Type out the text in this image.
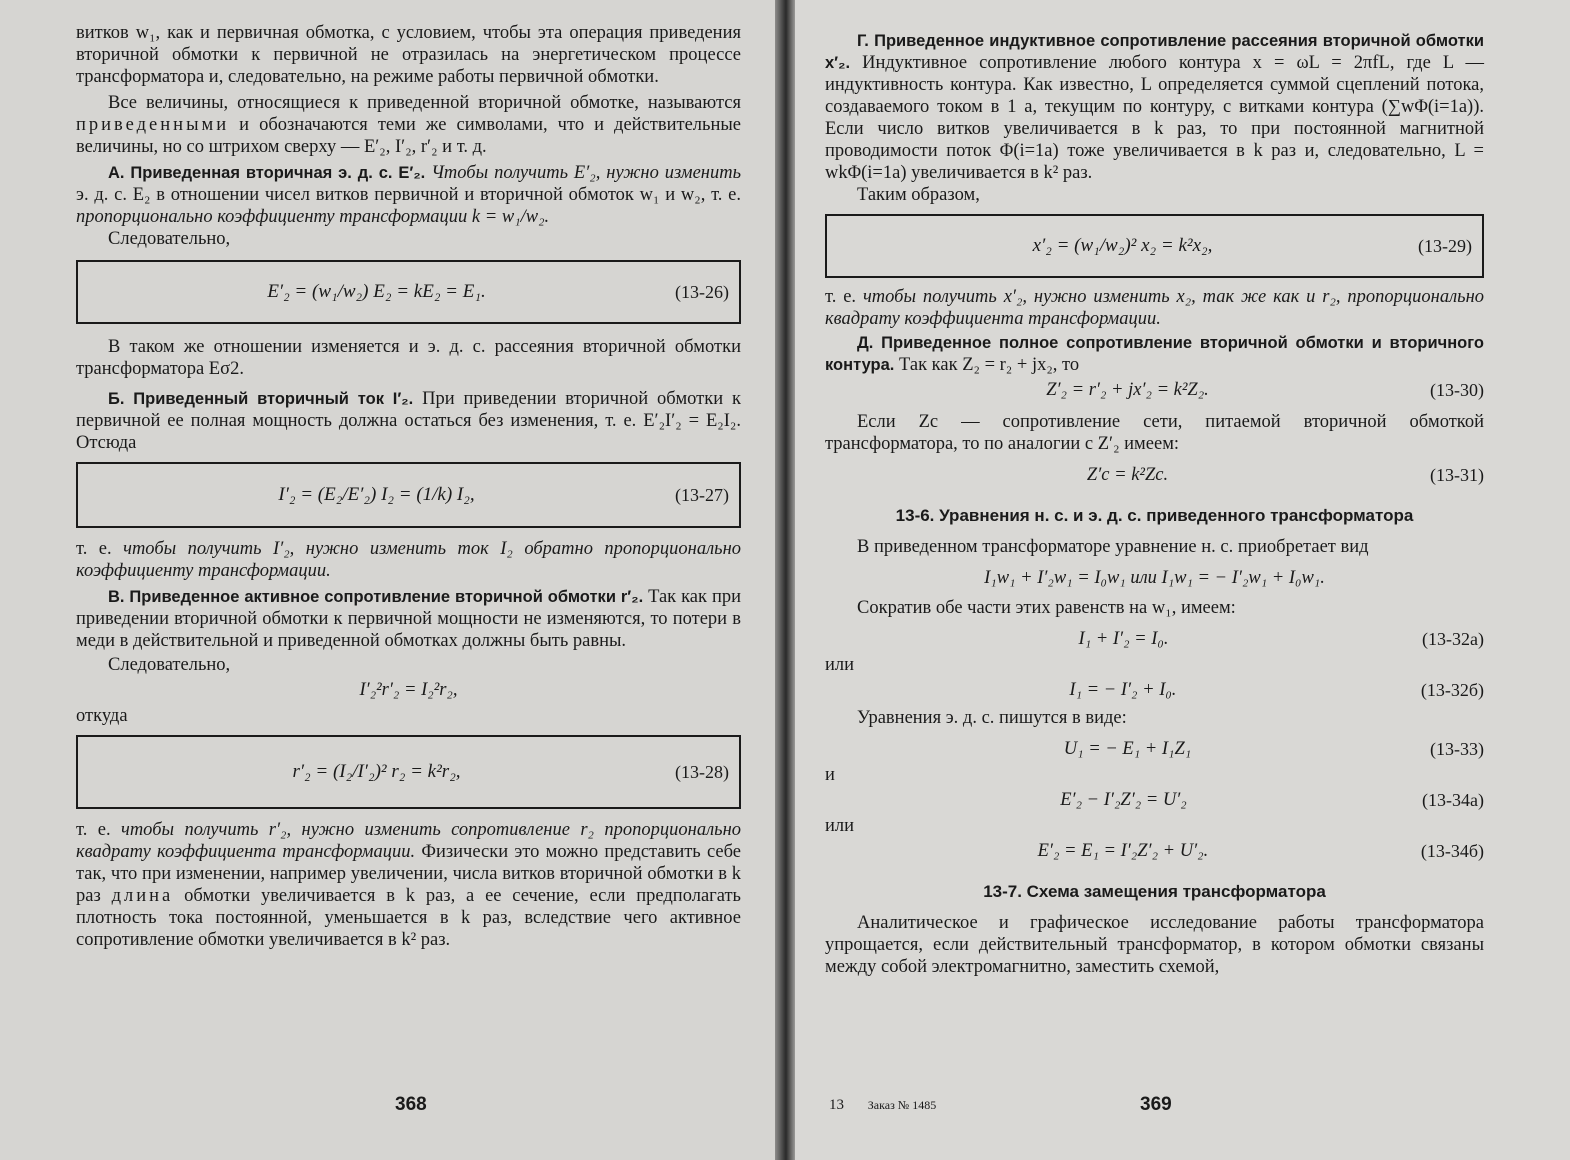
витков w₁, как и первичная обмотка, с условием, чтобы эта операция приведения вторичной обмотки к первичной не отразилась на энергетическом процессе трансформатора и, следовательно, на режиме работы первичной обмотки.

Все величины, относящиеся к приведенной вторичной обмотке, называются приведенными и обозначаются теми же символами, что и действительные величины, но со штрихом сверху — E′₂, I′₂, r′₂ и т. д.

А. Приведенная вторичная э. д. с. E′₂. Чтобы получить E′₂, нужно изменить э. д. с. E₂ в отношении чисел витков первичной и вторичной обмоток w₁ и w₂, т. е. пропорционально коэффициенту трансформации k = w₁/w₂.

Следовательно,

E′₂ = (w₁/w₂) E₂ = kE₂ = E₁.	(13-26)

В таком же отношении изменяется и э. д. с. рассеяния вторичной обмотки трансформатора Eσ2.

Б. Приведенный вторичный ток I′₂. При приведении вторичной обмотки к первичной ее полная мощность должна остаться без изменения, т. е. E′₂I′₂ = E₂I₂. Отсюда

I′₂ = (E₂/E′₂) I₂ = (1/k) I₂,	(13-27)

т. е. чтобы получить I′₂, нужно изменить ток I₂ обратно пропорционально коэффициенту трансформации.

В. Приведенное активное сопротивление вторичной обмотки r′₂. Так как при приведении вторичной обмотки к первичной мощности не изменяются, то потери в меди в действительной и приведенной обмотках должны быть равны.

Следовательно,

I′₂²r′₂ = I₂²r₂,

откуда

r′₂ = (I₂/I′₂)² r₂ = k²r₂,	(13-28)

т. е. чтобы получить r′₂, нужно изменить сопротивление r₂ пропорционально квадрату коэффициента трансформации. Физически это можно представить себе так, что при изменении, например увеличении, числа витков вторичной обмотки в k раз длина обмотки увеличивается в k раз, а ее сечение, если предполагать плотность тока постоянной, уменьшается в k раз, вследствие чего активное сопротивление обмотки увеличивается в k² раз.

368

Г. Приведенное индуктивное сопротивление рассеяния вторичной обмотки x′₂. Индуктивное сопротивление любого контура x = ωL = 2πfL, где L — индуктивность контура. Как известно, L определяется суммой сцеплений потока, создаваемого током в 1 а, текущим по контуру, с витками контура (∑wΦ(i=1a)). Если число витков увеличивается в k раз, то при постоянной магнитной проводимости поток Φ(i=1a) тоже увеличивается в k раз и, следовательно, L = wkΦ(i=1a) увеличивается в k² раз.

Таким образом,

x′₂ = (w₁/w₂)² x₂ = k²x₂,	(13-29)

т. е. чтобы получить x′₂, нужно изменить x₂, так же как и r₂, пропорционально квадрату коэффициента трансформации.

Д. Приведенное полное сопротивление вторичной обмотки и вторичного контура. Так как Z₂ = r₂ + jx₂, то

Z′₂ = r′₂ + jx′₂ = k²Z₂.	(13-30)

Если Zc — сопротивление сети, питаемой вторичной обмоткой трансформатора, то по аналогии с Z′₂ имеем:

Z′c = k²Zc.	(13-31)
13-6. Уравнения н. с. и э. д. с. приведенного трансформатора

В приведенном трансформаторе уравнение н. с. приобретает вид

I₁w₁ + I′₂w₁ = I₀w₁ или I₁w₁ = − I′₂w₁ + I₀w₁.

Сократив обе части этих равенств на w₁, имеем:

I₁ + I′₂ = I₀.	(13-32а)

или

I₁ = − I′₂ + I₀.	(13-32б)

Уравнения э. д. с. пишутся в виде:

U₁ = − E₁ + I₁Z₁	(13-33)

и

E′₂ − I′₂Z′₂ = U′₂	(13-34а)

или

E′₂ = E₁ = I′₂Z′₂ + U′₂.	(13-34б)
13-7. Схема замещения трансформатора

Аналитическое и графическое исследование работы трансформатора упрощается, если действительный трансформатор, в котором обмотки связаны между собой электромагнитно, заместить схемой,

13 Заказ № 1485	369
